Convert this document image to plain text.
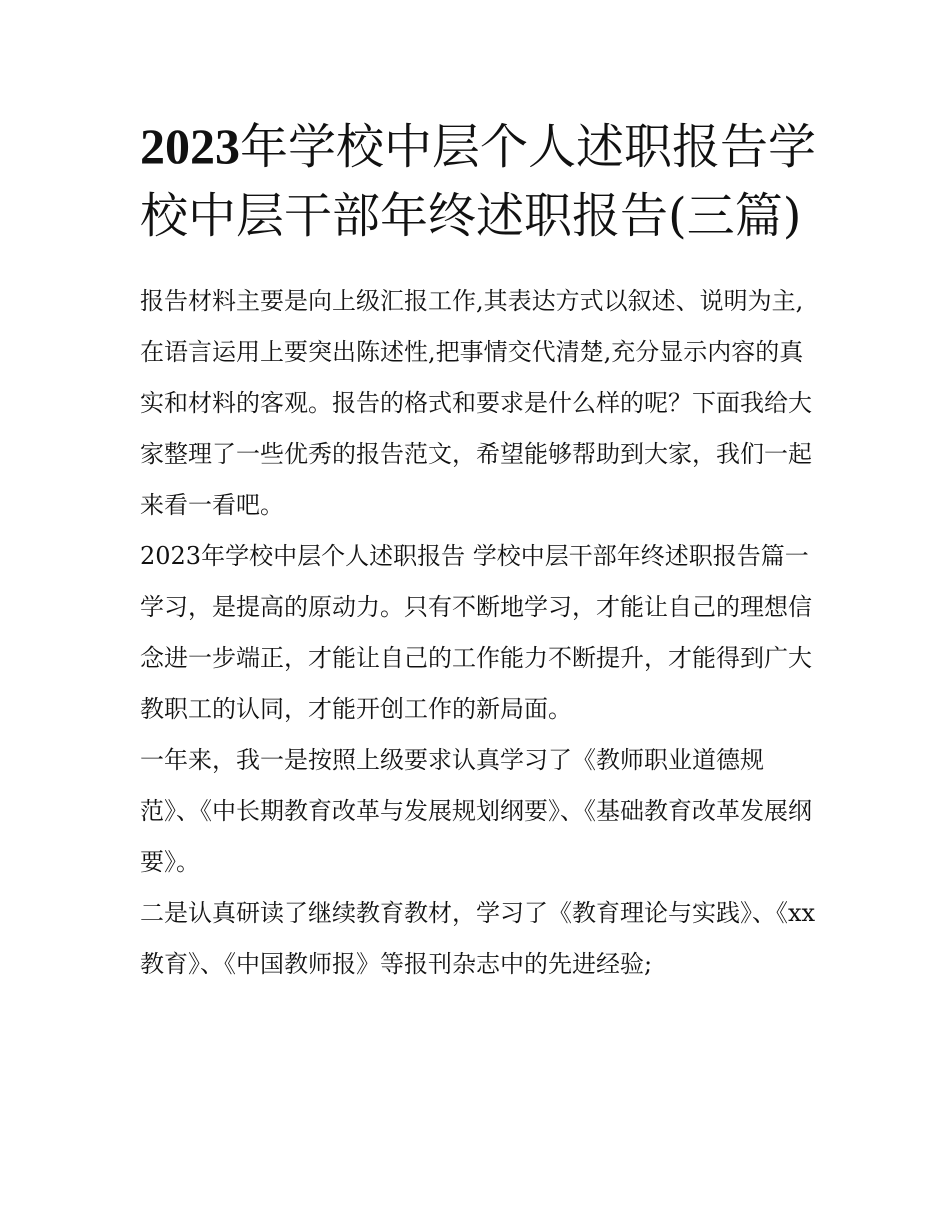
2023年学校中层个人述职报告学校中层干部年终述职报告(三篇)

报告材料主要是向上级汇报工作,其表达方式以叙述、说明为主,在语言运用上要突出陈述性,把事情交代清楚,充分显示内容的真实和材料的客观。报告的格式和要求是什么样的呢？下面我给大家整理了一些优秀的报告范文，希望能够帮助到大家，我们一起来看一看吧。

2023年学校中层个人述职报告 学校中层干部年终述职报告篇一

学习，是提高的原动力。只有不断地学习，才能让自己的理想信念进一步端正，才能让自己的工作能力不断提升，才能得到广大教职工的认同，才能开创工作的新局面。

一年来，我一是按照上级要求认真学习了《教师职业道德规范》、《中长期教育改革与发展规划纲要》、《基础教育改革发展纲要》。

二是认真研读了继续教育教材，学习了《教育理论与实践》、《xx教育》、《中国教师报》等报刊杂志中的先进经验;
